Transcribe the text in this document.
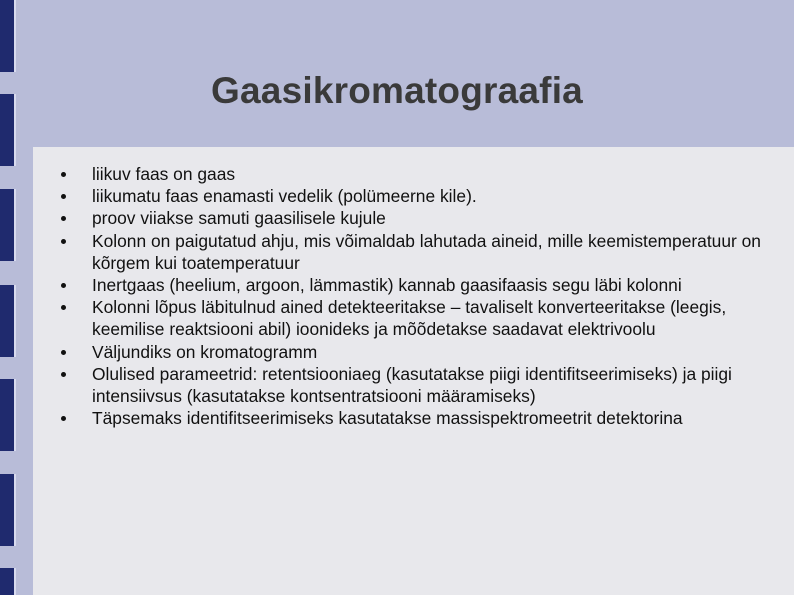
Gaasikromatograafia
liikuv faas on gaas
liikumatu faas enamasti vedelik (polümeerne kile).
proov viiakse samuti gaasilisele kujule
Kolonn on paigutatud ahju, mis võimaldab lahutada aineid, mille keemistemperatuur on kõrgem kui toatemperatuur
Inertgaas (heelium, argoon, lämmastik) kannab gaasifaasis segu läbi kolonni
Kolonni lõpus läbitulnud ained detekteeritakse – tavaliselt konverteeritakse (leegis, keemilise reaktsiooni abil) ioonideks ja mõõdetakse saadavat elektrivoolu
Väljundiks on kromatogramm
Olulised parameetrid: retentsiooniaeg (kasutatakse piigi identifitseerimiseks) ja piigi intensiivsus (kasutatakse kontsentratsiooni määramiseks)
Täpsemaks identifitseerimiseks kasutatakse massispektromeetrit detektorina
